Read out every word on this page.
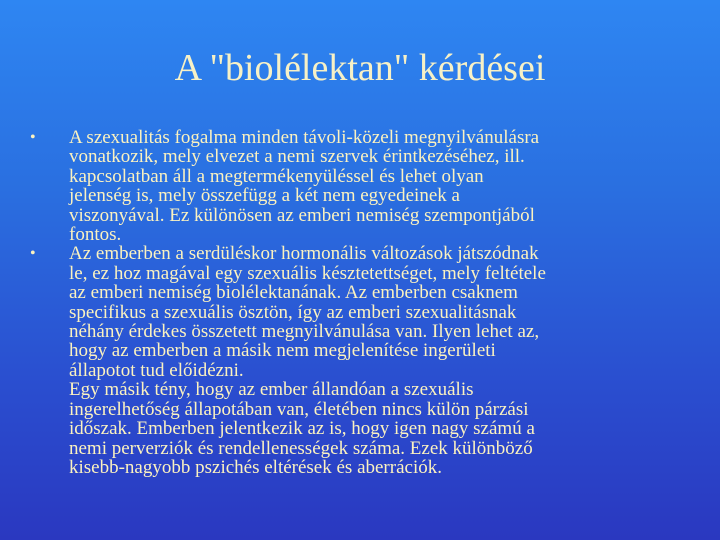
A "biolélektan" kérdései
• A szexualitás fogalma minden távoli-közeli megnyilvánulásra
vonatkozik, mely elvezet a nemi szervek érintkezéséhez, ill.
kapcsolatban áll a megtermékenyüléssel és lehet olyan
jelenség is, mely összefügg a két nem egyedeinek a
viszonyával. Ez különösen az emberi nemiség szempontjából
fontos.
• Az emberben a serdüléskor hormonális változások játszódnak
le, ez hoz magával egy szexuális késztetettséget, mely feltétele
az emberi nemiség biolélektanának. Az emberben csaknem
specifikus a szexuális ösztön, így az emberi szexualitásnak
néhány érdekes összetett megnyilvánulása van. Ilyen lehet az,
hogy az emberben a másik nem megjelenítése ingerületi
állapotot tud előidézni.
Egy másik tény, hogy az ember állandóan a szexuális
ingerelhetőség állapotában van, életében nincs külön párzási
időszak. Emberben jelentkezik az is, hogy igen nagy számú a
nemi perverziók és rendellenességek száma. Ezek különböző
kisebb-nagyobb pszichés eltérések és aberrációk.
